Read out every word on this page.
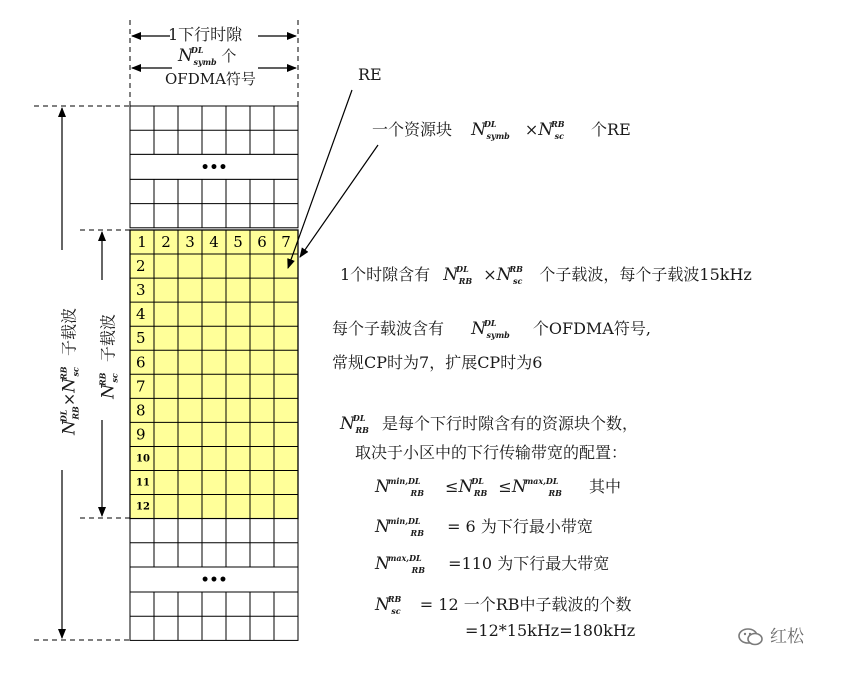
•••
1 2 3 4 5 6 7
2
3
4
5
6
7
8
9
10
11
12
•••
1下行时隙
$N^{DL}_{symb}$ 个
OFDMA符号	RE
一个资源块 $N^{DL}_{symb} \times N^{RB}_{sc}$ 个RE
$N^{DL}$ $_{RB}\times N^{RB}$ $_{sc}$ 子载波
$N^{RB}$ $_{sc}$ 子载波
1个时隙含有 $N^{DL}_{RB} \times N^{RB}_{sc}$ 个子载波，每个子载波15kHz
每个子载波含有 $N^{DL}_{symb}$ 个OFDMA符号,
常规CP时为7，扩展CP时为6
$N^{DL}_{RB}$ 是每个下行时隙含有的资源块个数，
取决于小区中的下行传输带宽的配置：
$N^{min,DL}_{RB} \le N^{DL}_{RB} \le N^{max,DL}_{RB}$ 其中
$N^{min,DL}_{RB} = 6$ 为下行最小带宽
$N^{max,DL}_{RB} =110$ 为下行最大带宽
$N^{RB}_{sc} = 12$ 一个RB中子载波的个数
=12*15kHz=180kHz	红松
